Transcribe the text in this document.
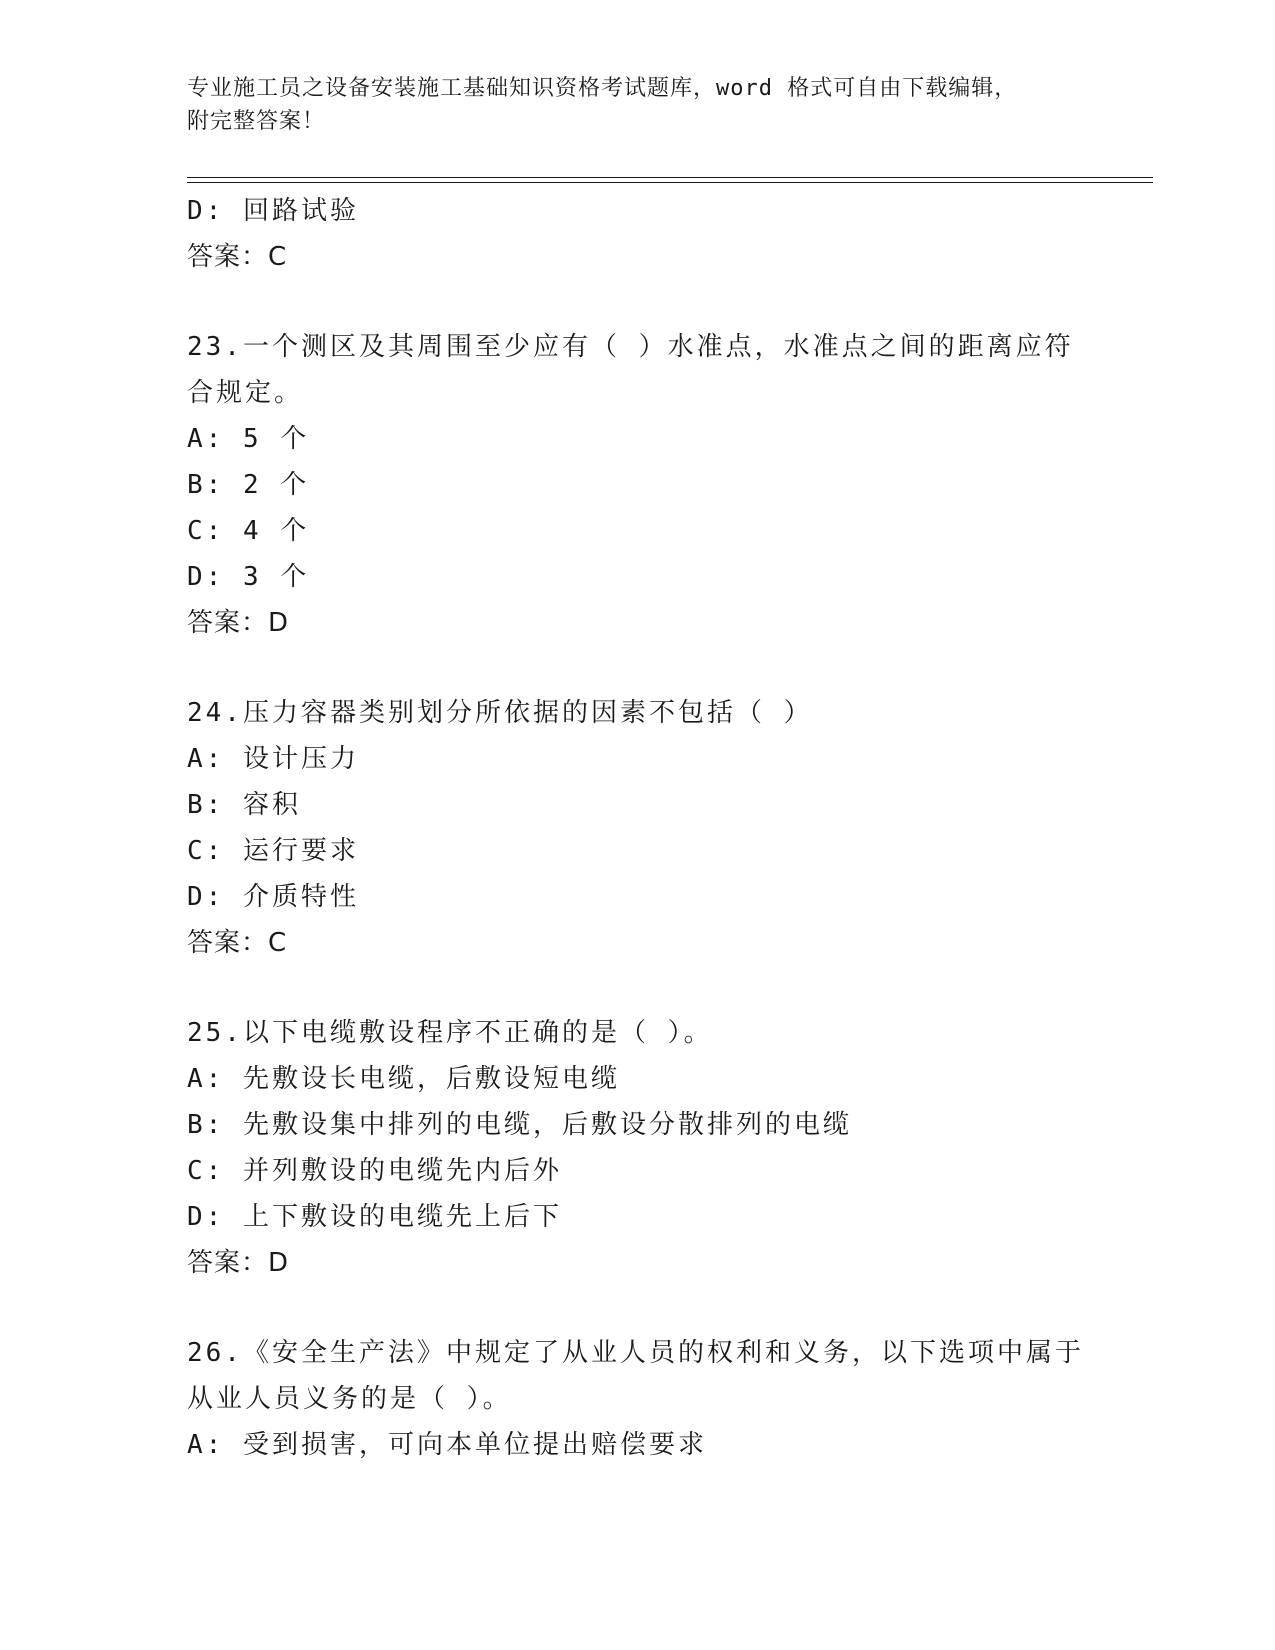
专业施工员之设备安装施工基础知识资格考试题库，word 格式可自由下载编辑，
附完整答案！

D: 回路试验

答案：C

23.一个测区及其周围至少应有（ ）水准点，水准点之间的距离应符

合规定。

A: 5 个

B: 2 个

C: 4 个

D: 3 个

答案：D

24.压力容器类别划分所依据的因素不包括（ ）

A: 设计压力

B: 容积

C: 运行要求

D: 介质特性

答案：C

25.以下电缆敷设程序不正确的是（ ）。

A: 先敷设长电缆，后敷设短电缆

B: 先敷设集中排列的电缆，后敷设分散排列的电缆

C: 并列敷设的电缆先内后外

D: 上下敷设的电缆先上后下

答案：D

26.《安全生产法》中规定了从业人员的权利和义务，以下选项中属于

从业人员义务的是（ ）。

A: 受到损害，可向本单位提出赔偿要求
